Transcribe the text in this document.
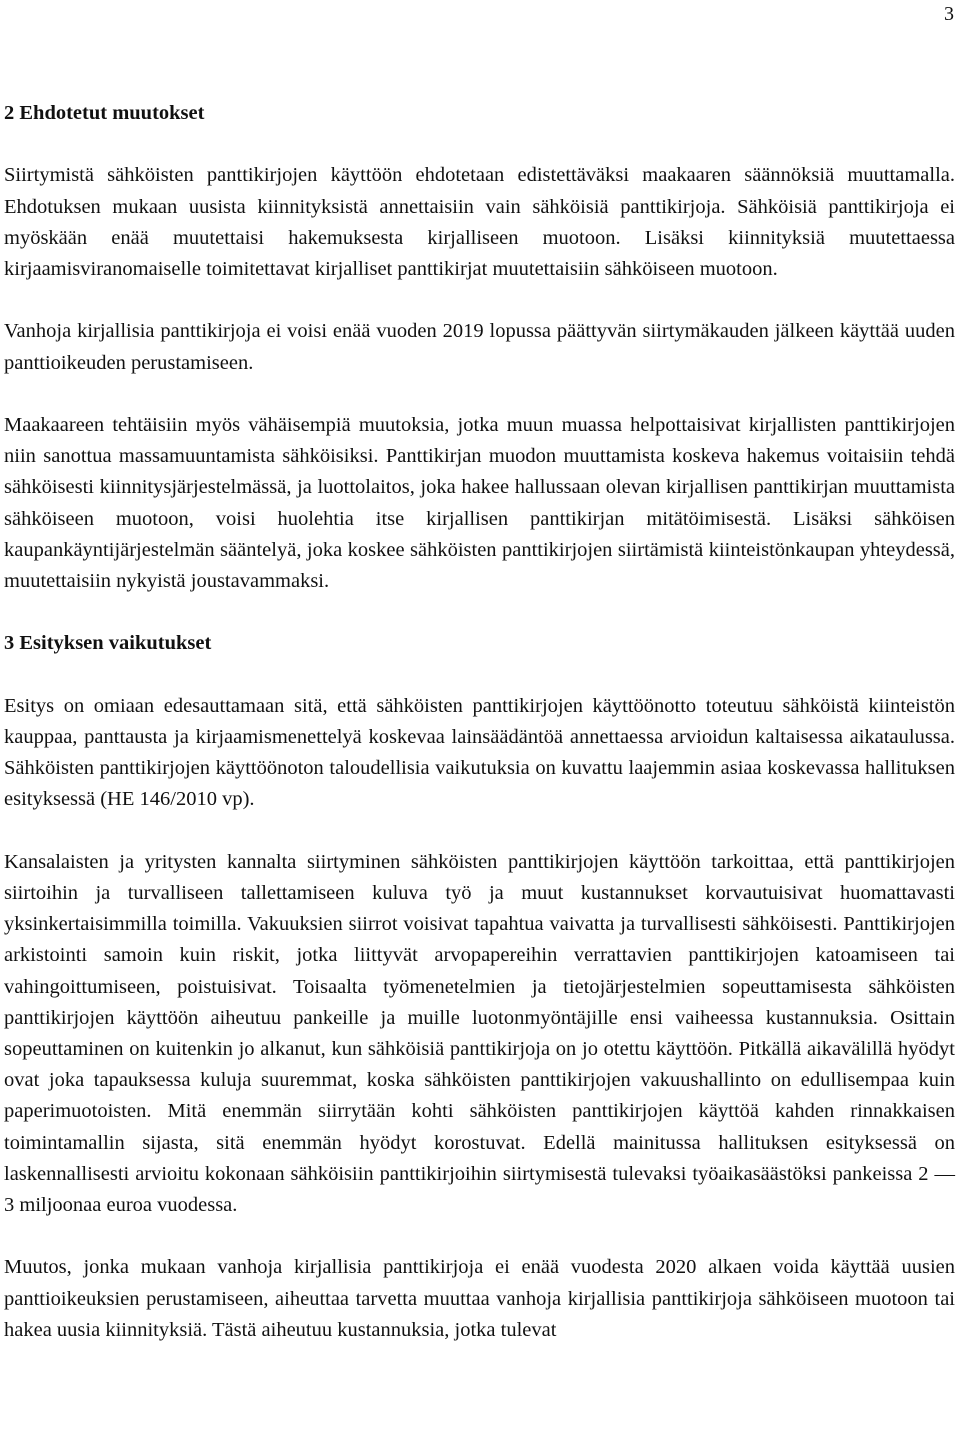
3
2 Ehdotetut muutokset

Siirtymistä sähköisten panttikirjojen käyttöön ehdotetaan edistettäväksi maakaaren säännöksiä muuttamalla. Ehdotuksen mukaan uusista kiinnityksistä annettaisiin vain sähköisiä panttikirjoja. Sähköisiä panttikirjoja ei myöskään enää muutettaisi hakemuksesta kirjalliseen muotoon. Lisäksi kiinnityksiä muutettaessa kirjaamisviranomaiselle toimitettavat kirjalliset panttikirjat muutettaisiin sähköiseen muotoon.

Vanhoja kirjallisia panttikirjoja ei voisi enää vuoden 2019 lopussa päättyvän siirtymäkauden jälkeen käyttää uuden panttioikeuden perustamiseen.

Maakaareen tehtäisiin myös vähäisempiä muutoksia, jotka muun muassa helpottaisivat kirjallisten panttikirjojen niin sanottua massamuuntamista sähköisiksi. Panttikirjan muodon muuttamista koskeva hakemus voitaisiin tehdä sähköisesti kiinnitysjärjestelmässä, ja luottolaitos, joka hakee hallussaan olevan kirjallisen panttikirjan muuttamista sähköiseen muotoon, voisi huolehtia itse kirjallisen panttikirjan mitätöimisestä. Lisäksi sähköisen kaupankäyntijärjestelmän sääntelyä, joka koskee sähköisten panttikirjojen siirtämistä kiinteistönkaupan yhteydessä, muutettaisiin nykyistä joustavammaksi.

3 Esityksen vaikutukset

Esitys on omiaan edesauttamaan sitä, että sähköisten panttikirjojen käyttöönotto toteutuu sähköistä kiinteistön kauppaa, panttausta ja kirjaamismenettelyä koskevaa lainsäädäntöä annettaessa arvioidun kaltaisessa aikataulussa. Sähköisten panttikirjojen käyttöönoton taloudellisia vaikutuksia on kuvattu laajemmin asiaa koskevassa hallituksen esityksessä (HE 146/2010 vp).

Kansalaisten ja yritysten kannalta siirtyminen sähköisten panttikirjojen käyttöön tarkoittaa, että panttikirjojen siirtoihin ja turvalliseen tallettamiseen kuluva työ ja muut kustannukset korvautuisivat huomattavasti yksinkertaisimmilla toimilla. Vakuuksien siirrot voisivat tapahtua vaivatta ja turvallisesti sähköisesti. Panttikirjojen arkistointi samoin kuin riskit, jotka liittyvät arvopapereihin verrattavien panttikirjojen katoamiseen tai vahingoittumiseen, poistuisivat. Toisaalta työmenetelmien ja tietojärjestelmien sopeuttamisesta sähköisten panttikirjojen käyttöön aiheutuu pankeille ja muille luotonmyöntäjille ensi vaiheessa kustannuksia. Osittain sopeuttaminen on kuitenkin jo alkanut, kun sähköisiä panttikirjoja on jo otettu käyttöön. Pitkällä aikavälillä hyödyt ovat joka tapauksessa kuluja suuremmat, koska sähköisten panttikirjojen vakuushallinto on edullisempaa kuin paperimuotoisten. Mitä enemmän siirrytään kohti sähköisten panttikirjojen käyttöä kahden rinnakkaisen toimintamallin sijasta, sitä enemmän hyödyt korostuvat. Edellä mainitussa hallituksen esityksessä on laskennallisesti arvioitu kokonaan sähköisiin panttikirjoihin siirtymisestä tulevaksi työaikasäästöksi pankeissa 2 —3 miljoonaa euroa vuodessa.

Muutos, jonka mukaan vanhoja kirjallisia panttikirjoja ei enää vuodesta 2020 alkaen voida käyttää uusien panttioikeuksien perustamiseen, aiheuttaa tarvetta muuttaa vanhoja kirjallisia panttikirjoja sähköiseen muotoon tai hakea uusia kiinnityksiä. Tästä aiheutuu kustannuksia, jotka tulevat
